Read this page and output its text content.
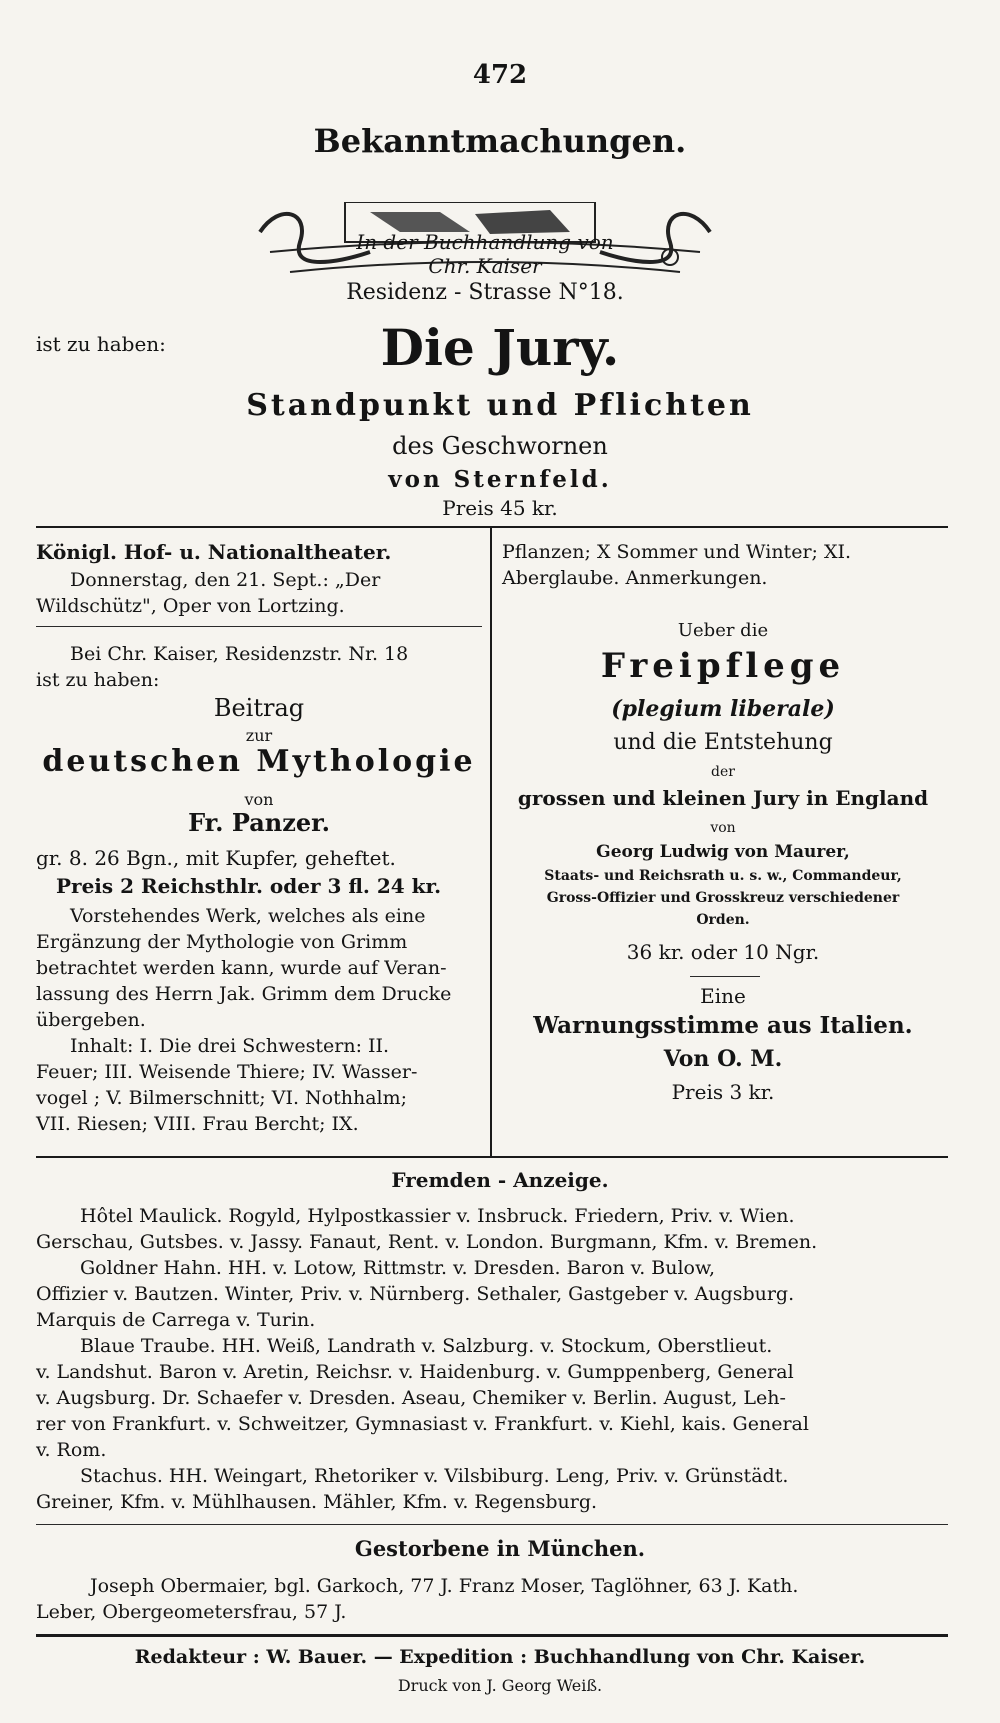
472
Bekanntmachungen.
In der Buchhandlung von
Chr. Kaiser
Residenz - Strasse N°18.
ist zu haben:	Die Jury.
Standpunkt und Pflichten
des Geschwornen
von Sternfeld.
Preis 45 kr.
Königl. Hof- u. Nationaltheater.
Donnerstag, den 21. Sept.: „Der
Wildschütz", Oper von Lortzing.
Bei Chr. Kaiser, Residenzstr. Nr. 18
ist zu haben:
Beitrag
zur
deutschen Mythologie
von
Fr. Panzer.
gr. 8. 26 Bgn., mit Kupfer, geheftet.
Preis 2 Reichsthlr. oder 3 fl. 24 kr.
Vorstehendes Werk, welches als eine
Ergänzung der Mythologie von Grimm
betrachtet werden kann, wurde auf Veran-
lassung des Herrn Jak. Grimm dem Drucke
übergeben.
Inhalt: I. Die drei Schwestern: II.
Feuer; III. Weisende Thiere; IV. Wasser-
vogel ; V. Bilmerschnitt; VI. Nothhalm;
VII. Riesen; VIII. Frau Bercht; IX.
Pflanzen; X Sommer und Winter; XI.
Aberglaube. Anmerkungen.
Ueber die
Freipflege
(plegium liberale)
und die Entstehung
der
grossen und kleinen Jury in England
von
Georg Ludwig von Maurer,
Staats- und Reichsrath u. s. w., Commandeur,
Gross-Offizier und Grosskreuz verschiedener
Orden.
36 kr. oder 10 Ngr.
Eine
Warnungsstimme aus Italien.
Von O. M.
Preis 3 kr.
Fremden - Anzeige.
Hôtel Maulick. Rogyld, Hylpostkassier v. Insbruck. Friedern, Priv. v. Wien.
Gerschau, Gutsbes. v. Jassy. Fanaut, Rent. v. London. Burgmann, Kfm. v. Bremen.
Goldner Hahn. HH. v. Lotow, Rittmstr. v. Dresden. Baron v. Bulow,
Offizier v. Bautzen. Winter, Priv. v. Nürnberg. Sethaler, Gastgeber v. Augsburg.
Marquis de Carrega v. Turin.
Blaue Traube. HH. Weiß, Landrath v. Salzburg. v. Stockum, Oberstlieut.
v. Landshut. Baron v. Aretin, Reichsr. v. Haidenburg. v. Gumppenberg, General
v. Augsburg. Dr. Schaefer v. Dresden. Aseau, Chemiker v. Berlin. August, Leh-
rer von Frankfurt. v. Schweitzer, Gymnasiast v. Frankfurt. v. Kiehl, kais. General
v. Rom.
Stachus. HH. Weingart, Rhetoriker v. Vilsbiburg. Leng, Priv. v. Grünstädt.
Greiner, Kfm. v. Mühlhausen. Mähler, Kfm. v. Regensburg.
Gestorbene in München.
Joseph Obermaier, bgl. Garkoch, 77 J. Franz Moser, Taglöhner, 63 J. Kath.
Leber, Obergeometersfrau, 57 J.
Redakteur : W. Bauer. — Expedition : Buchhandlung von Chr. Kaiser.
Druck von J. Georg Weiß.
